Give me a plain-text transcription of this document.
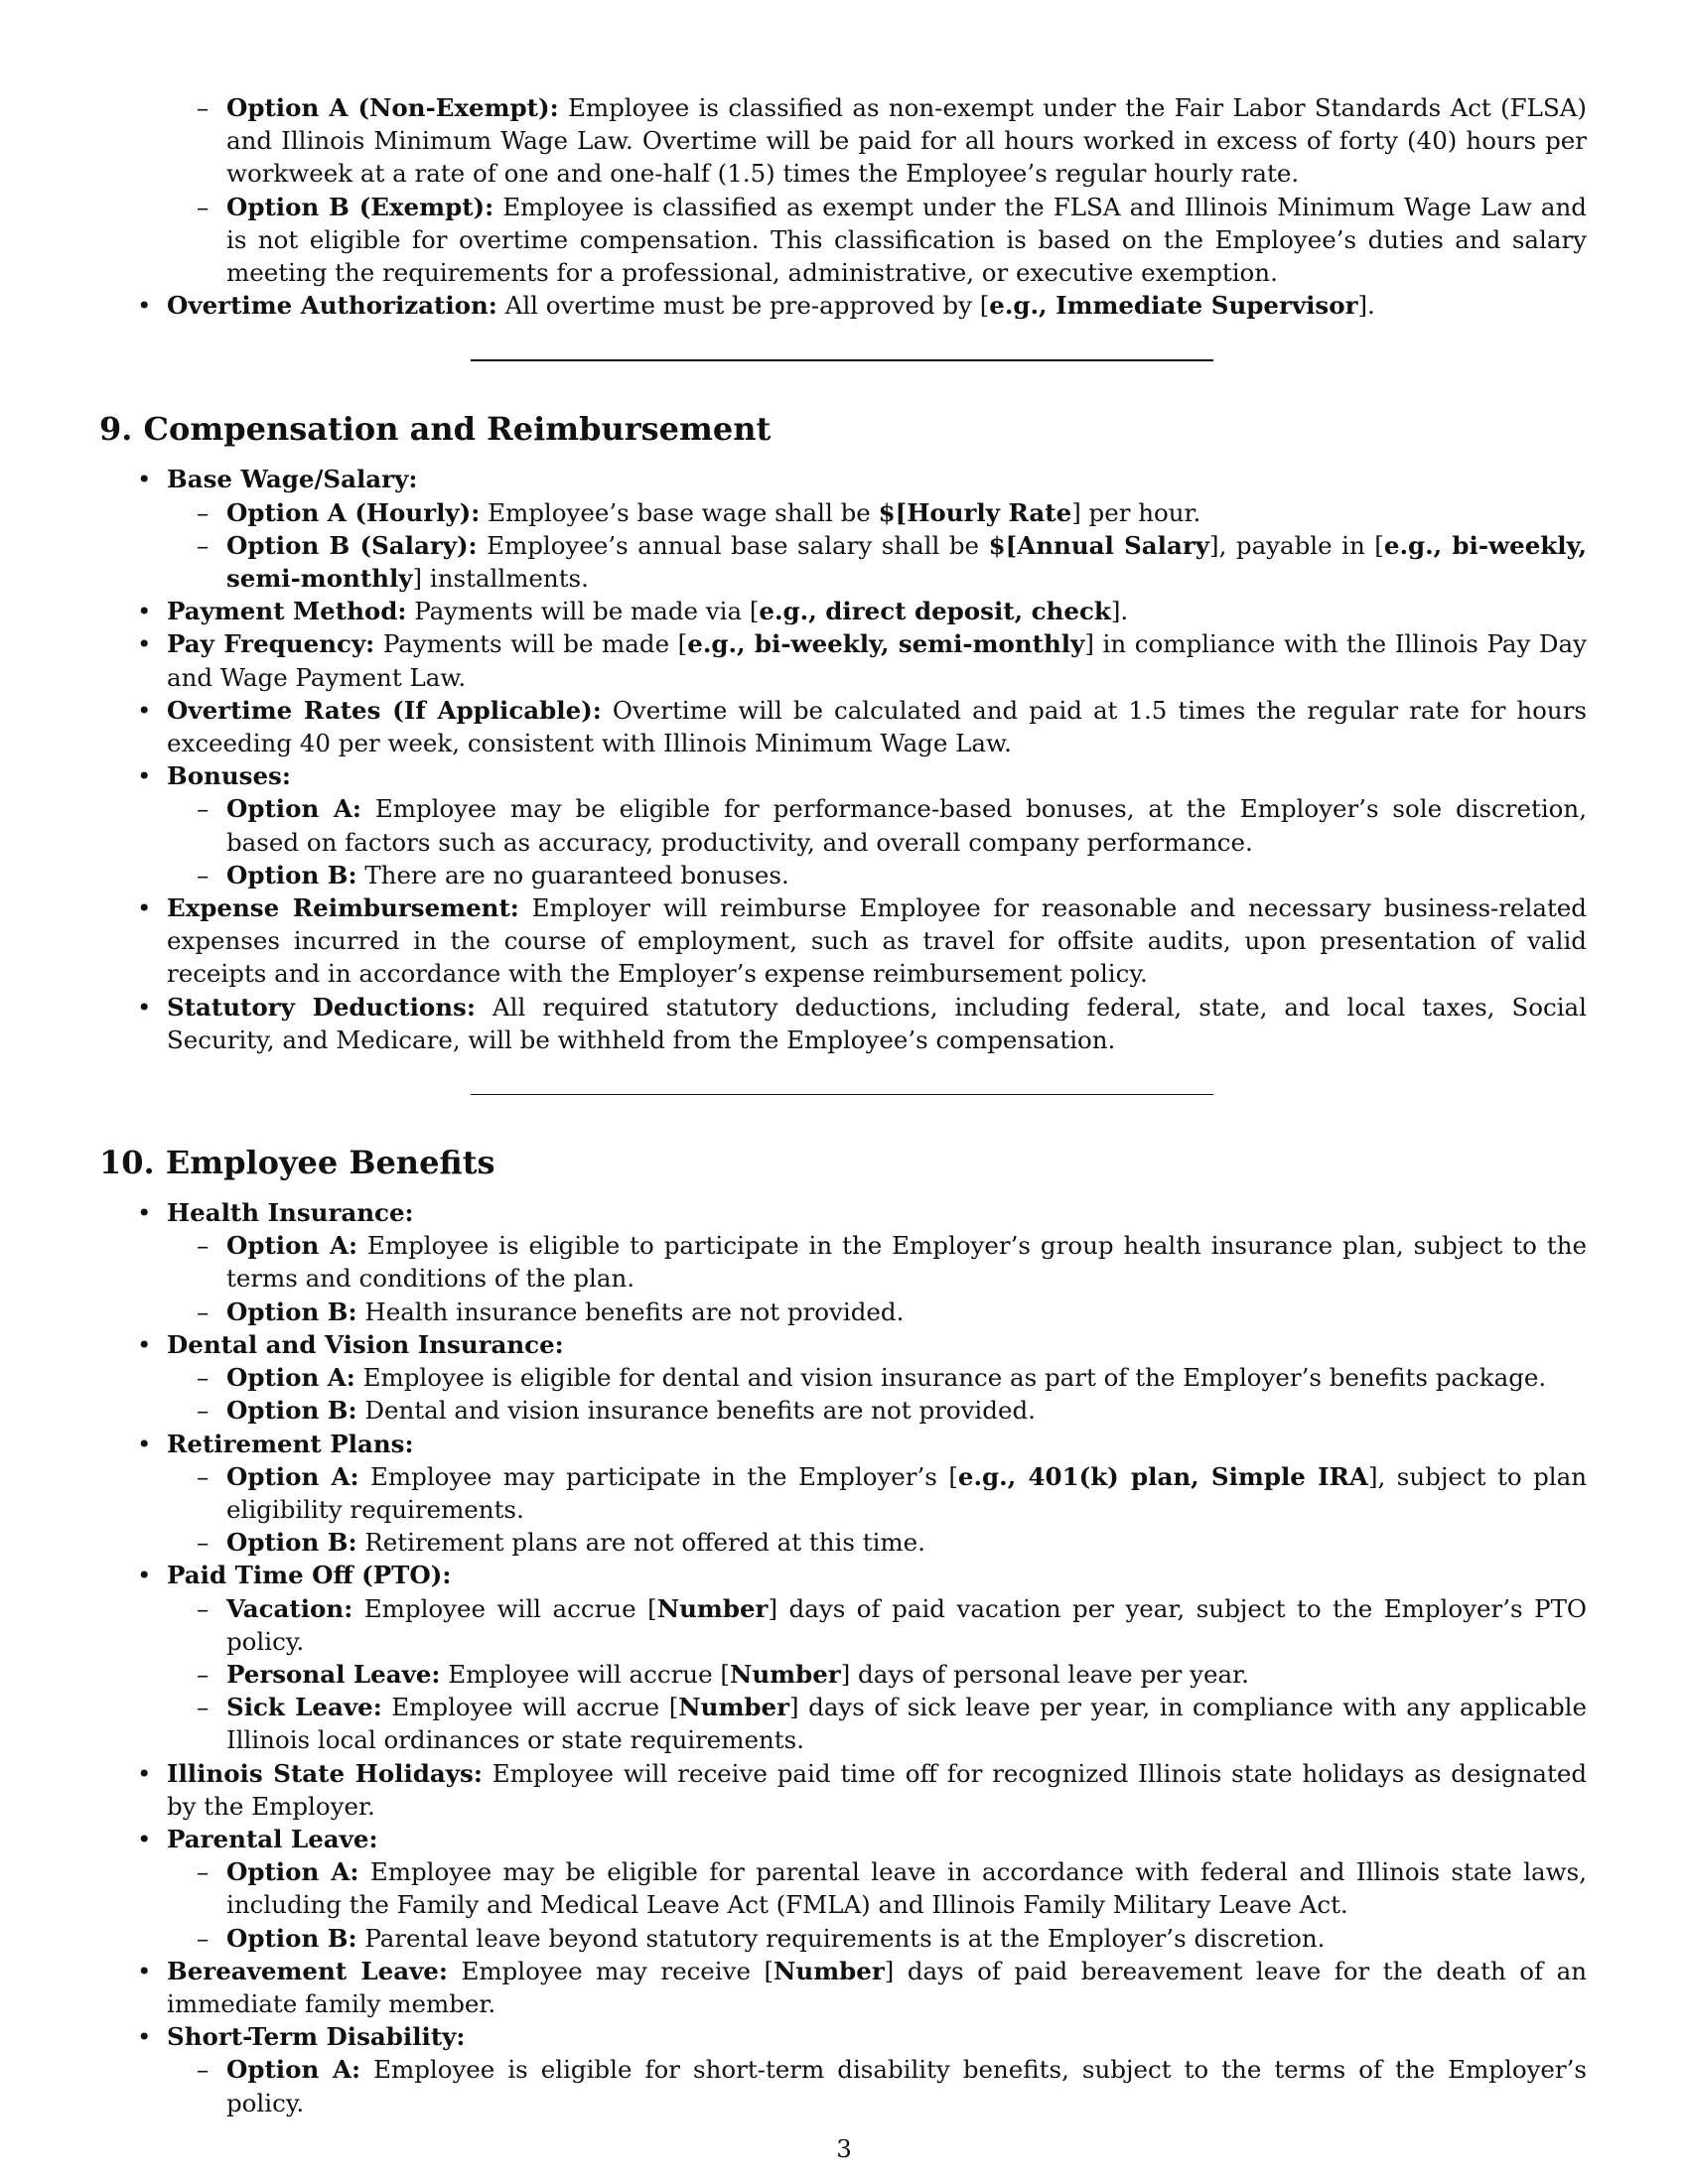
– Option A (Non-Exempt): Employee is classified as non-exempt under the Fair Labor Standards Act (FLSA) and Illinois Minimum Wage Law. Overtime will be paid for all hours worked in excess of forty (40) hours per workweek at a rate of one and one-half (1.5) times the Employee’s regular hourly rate.
– Option B (Exempt): Employee is classified as exempt under the FLSA and Illinois Minimum Wage Law and is not eligible for overtime compensation. This classification is based on the Employee’s duties and salary meeting the requirements for a professional, administrative, or executive exemption.
• Overtime Authorization: All overtime must be pre-approved by [e.g., Immediate Supervisor].
9. Compensation and Reimbursement
• Base Wage/Salary:
– Option A (Hourly): Employee’s base wage shall be $[Hourly Rate] per hour.
– Option B (Salary): Employee’s annual base salary shall be $[Annual Salary], payable in [e.g., bi-weekly, semi-monthly] installments.
• Payment Method: Payments will be made via [e.g., direct deposit, check].
• Pay Frequency: Payments will be made [e.g., bi-weekly, semi-monthly] in compliance with the Illinois Pay Day and Wage Payment Law.
• Overtime Rates (If Applicable): Overtime will be calculated and paid at 1.5 times the regular rate for hours exceeding 40 per week, consistent with Illinois Minimum Wage Law.
• Bonuses:
– Option A: Employee may be eligible for performance-based bonuses, at the Employer’s sole discretion, based on factors such as accuracy, productivity, and overall company performance.
– Option B: There are no guaranteed bonuses.
• Expense Reimbursement: Employer will reimburse Employee for reasonable and necessary business-related expenses incurred in the course of employment, such as travel for offsite audits, upon presentation of valid receipts and in accordance with the Employer’s expense reimbursement policy.
• Statutory Deductions: All required statutory deductions, including federal, state, and local taxes, Social Security, and Medicare, will be withheld from the Employee’s compensation.
10. Employee Benefits
• Health Insurance:
– Option A: Employee is eligible to participate in the Employer’s group health insurance plan, subject to the terms and conditions of the plan.
– Option B: Health insurance benefits are not provided.
• Dental and Vision Insurance:
– Option A: Employee is eligible for dental and vision insurance as part of the Employer’s benefits package.
– Option B: Dental and vision insurance benefits are not provided.
• Retirement Plans:
– Option A: Employee may participate in the Employer’s [e.g., 401(k) plan, Simple IRA], subject to plan eligibility requirements.
– Option B: Retirement plans are not offered at this time.
• Paid Time Off (PTO):
– Vacation: Employee will accrue [Number] days of paid vacation per year, subject to the Employer’s PTO policy.
– Personal Leave: Employee will accrue [Number] days of personal leave per year.
– Sick Leave: Employee will accrue [Number] days of sick leave per year, in compliance with any applicable Illinois local ordinances or state requirements.
• Illinois State Holidays: Employee will receive paid time off for recognized Illinois state holidays as designated by the Employer.
• Parental Leave:
– Option A: Employee may be eligible for parental leave in accordance with federal and Illinois state laws, including the Family and Medical Leave Act (FMLA) and Illinois Family Military Leave Act.
– Option B: Parental leave beyond statutory requirements is at the Employer’s discretion.
• Bereavement Leave: Employee may receive [Number] days of paid bereavement leave for the death of an immediate family member.
• Short-Term Disability:
– Option A: Employee is eligible for short-term disability benefits, subject to the terms of the Employer’s policy.
3
